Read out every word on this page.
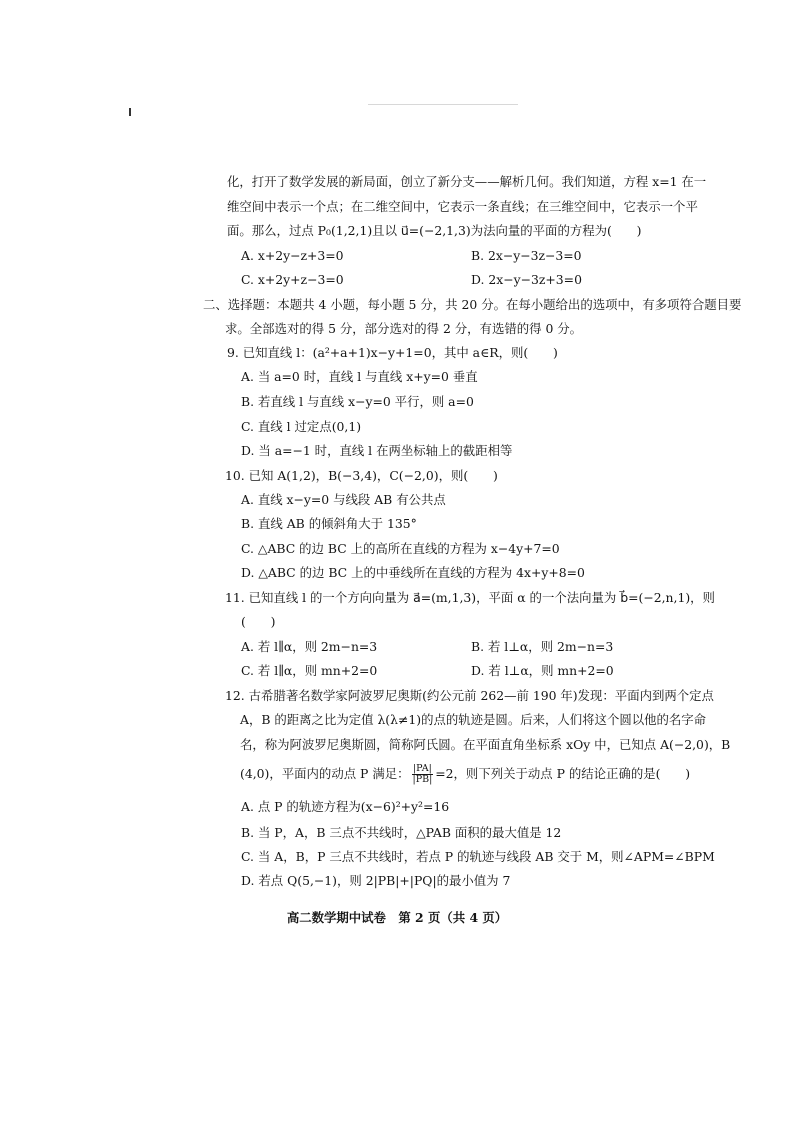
化，打开了数学发展的新局面，创立了新分支——解析几何。我们知道，方程 x=1 在一
维空间中表示一个点；在二维空间中，它表示一条直线；在三维空间中，它表示一个平
面。那么，过点 P₀(1,2,1)且以 u⃗=(−2,1,3)为法向量的平面的方程为(　　)
A. x+2y−z+3=0	B. 2x−y−3z−3=0
C. x+2y+z−3=0	D. 2x−y−3z+3=0
二、选择题：本题共 4 小题，每小题 5 分，共 20 分。在每小题给出的选项中，有多项符合题目要
求。全部选对的得 5 分，部分选对的得 2 分，有选错的得 0 分。
9. 已知直线 l：(a²+a+1)x−y+1=0，其中 a∈R，则(　　)
A. 当 a=0 时，直线 l 与直线 x+y=0 垂直
B. 若直线 l 与直线 x−y=0 平行，则 a=0
C. 直线 l 过定点(0,1)
D. 当 a=−1 时，直线 l 在两坐标轴上的截距相等
10. 已知 A(1,2)，B(−3,4)，C(−2,0)，则(　　)
A. 直线 x−y=0 与线段 AB 有公共点
B. 直线 AB 的倾斜角大于 135°
C. △ABC 的边 BC 上的高所在直线的方程为 x−4y+7=0
D. △ABC 的边 BC 上的中垂线所在直线的方程为 4x+y+8=0
11. 已知直线 l 的一个方向向量为 a⃗=(m,1,3)，平面 α 的一个法向量为 b⃗=(−2,n,1)，则
(　　)
A. 若 l∥α，则 2m−n=3	B. 若 l⊥α，则 2m−n=3
C. 若 l∥α，则 mn+2=0	D. 若 l⊥α，则 mn+2=0
12. 古希腊著名数学家阿波罗尼奥斯(约公元前 262—前 190 年)发现：平面内到两个定点
A，B 的距离之比为定值 λ(λ≠1)的点的轨迹是圆。后来，人们将这个圆以他的名字命
名，称为阿波罗尼奥斯圆，简称阿氏圆。在平面直角坐标系 xOy 中，已知点 A(−2,0)，B
(4,0)，平面内的动点 P 满足： $\frac{|PA|}{|PB|} =2$，则下列关于动点 P 的结论正确的是(　　)
A. 点 P 的轨迹方程为(x−6)²+y²=16
B. 当 P，A，B 三点不共线时，△PAB 面积的最大值是 12
C. 当 A，B，P 三点不共线时，若点 P 的轨迹与线段 AB 交于 M，则∠APM=∠BPM
D. 若点 Q(5,−1)，则 2|PB|+|PQ|的最小值为 7
高二数学期中试卷　第 2 页（共 4 页）
